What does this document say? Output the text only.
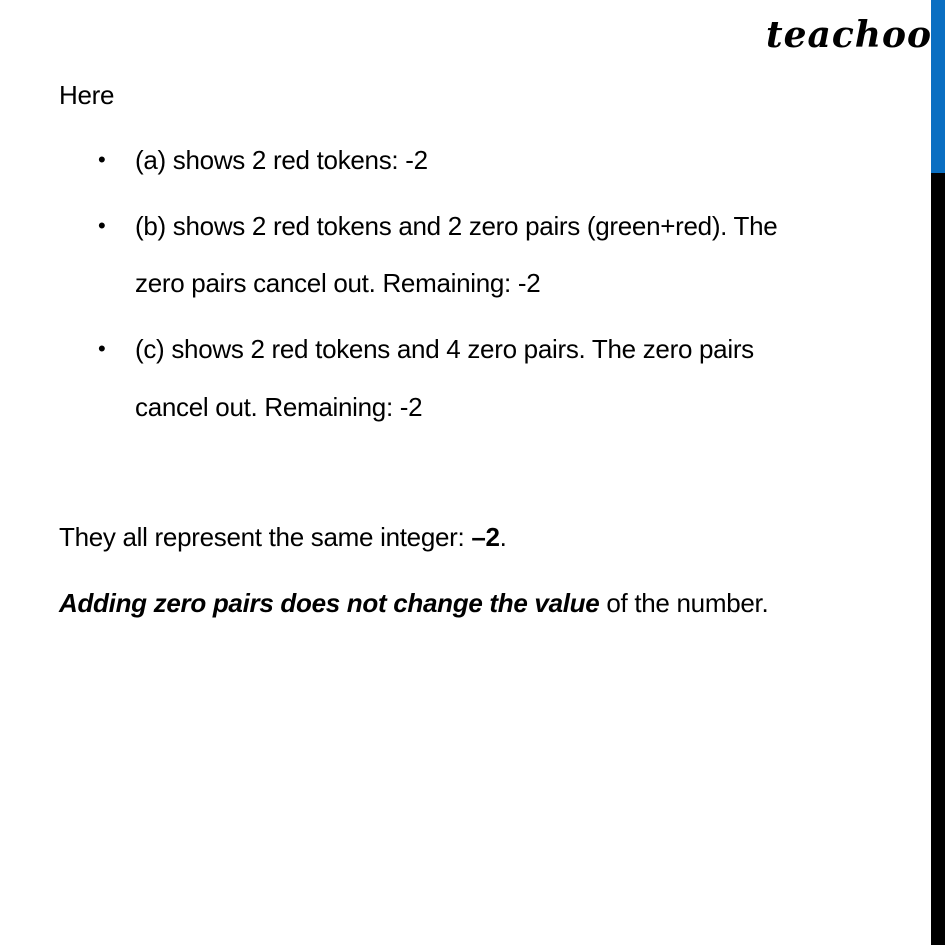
teachoo
Here
• (a) shows 2 red tokens: -2
• (b) shows 2 red tokens and 2 zero pairs (green+red). The
zero pairs cancel out. Remaining: -2
• (c) shows 2 red tokens and 4 zero pairs. The zero pairs
cancel out. Remaining: -2
They all represent the same integer: –2.
Adding zero pairs does not change the value of the number.
